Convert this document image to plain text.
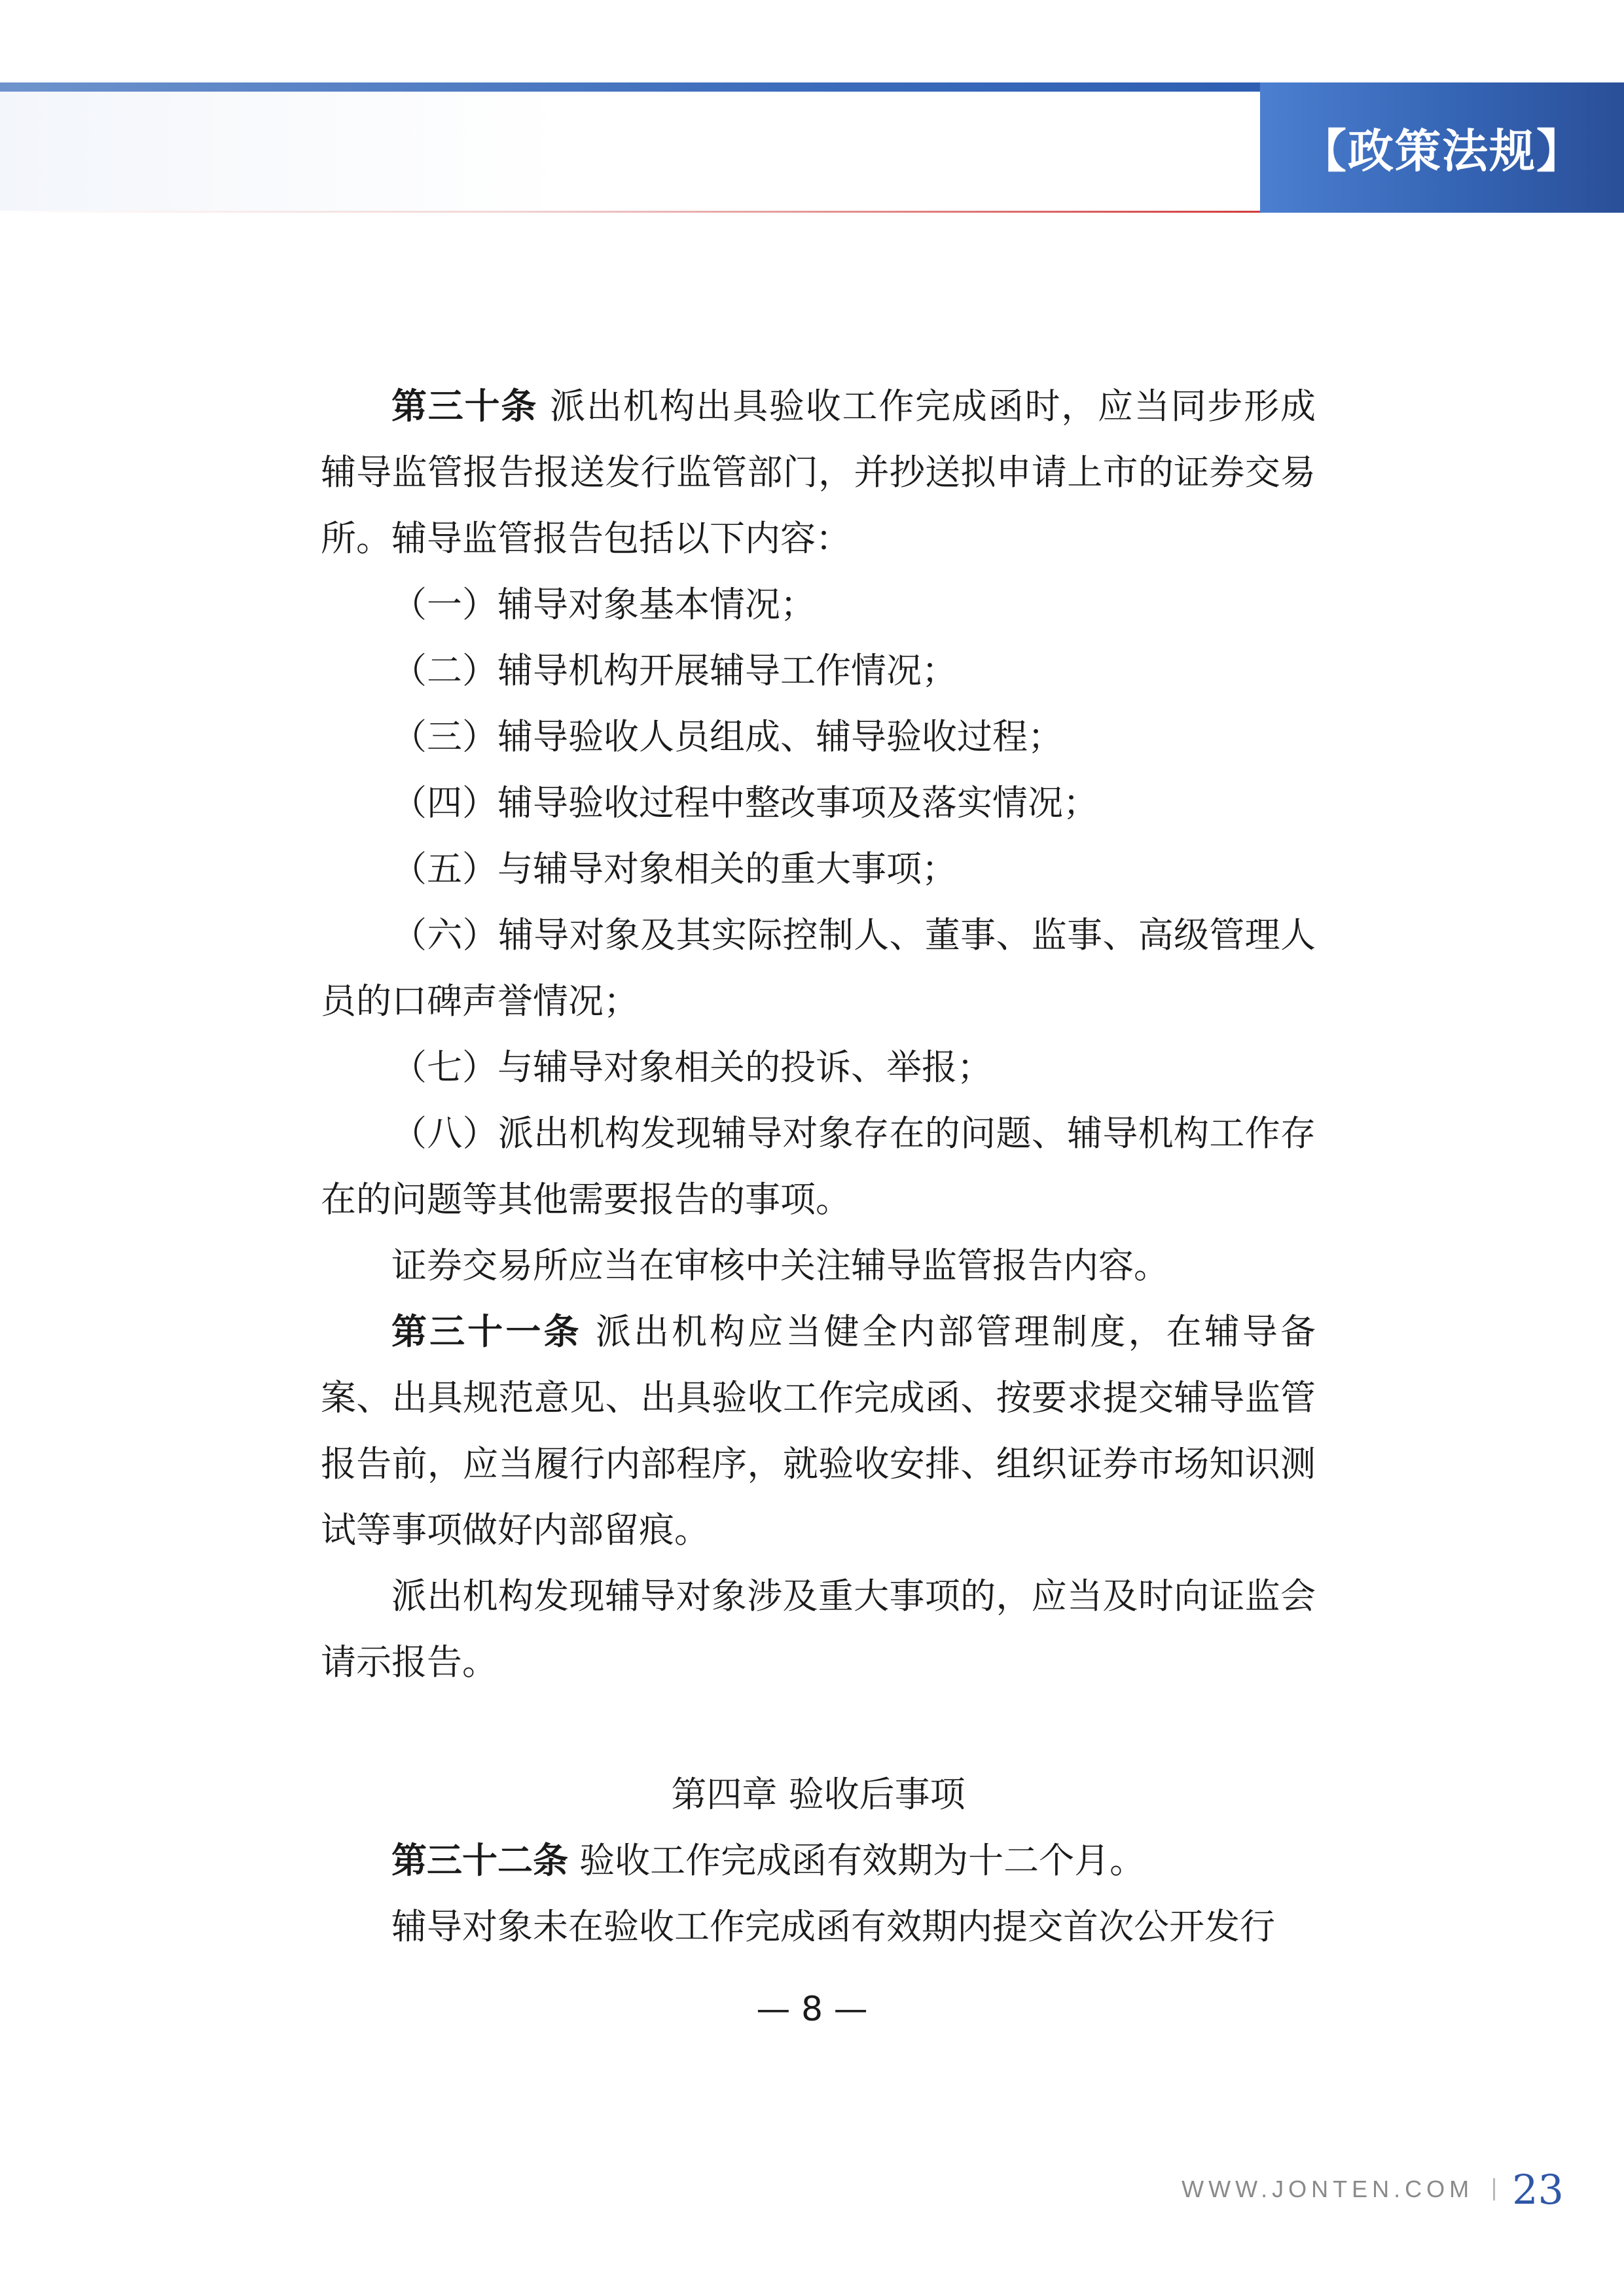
【政策法规】

第三十条 派出机构出具验收工作完成函时，应当同步形成辅导监管报告报送发行监管部门，并抄送拟申请上市的证券交易所。辅导监管报告包括以下内容：

（一）辅导对象基本情况；

（二）辅导机构开展辅导工作情况；

（三）辅导验收人员组成、辅导验收过程；

（四）辅导验收过程中整改事项及落实情况；

（五）与辅导对象相关的重大事项；

（六）辅导对象及其实际控制人、董事、监事、高级管理人员的口碑声誉情况；

（七）与辅导对象相关的投诉、举报；

（八）派出机构发现辅导对象存在的问题、辅导机构工作存在的问题等其他需要报告的事项。

证券交易所应当在审核中关注辅导监管报告内容。

第三十一条 派出机构应当健全内部管理制度，在辅导备案、出具规范意见、出具验收工作完成函、按要求提交辅导监管报告前，应当履行内部程序，就验收安排、组织证券市场知识测试等事项做好内部留痕。

派出机构发现辅导对象涉及重大事项的，应当及时向证监会请示报告。

第四章 验收后事项

第三十二条 验收工作完成函有效期为十二个月。

辅导对象未在验收工作完成函有效期内提交首次公开发行

— 8 —
WWW.JONTEN.COM 23
